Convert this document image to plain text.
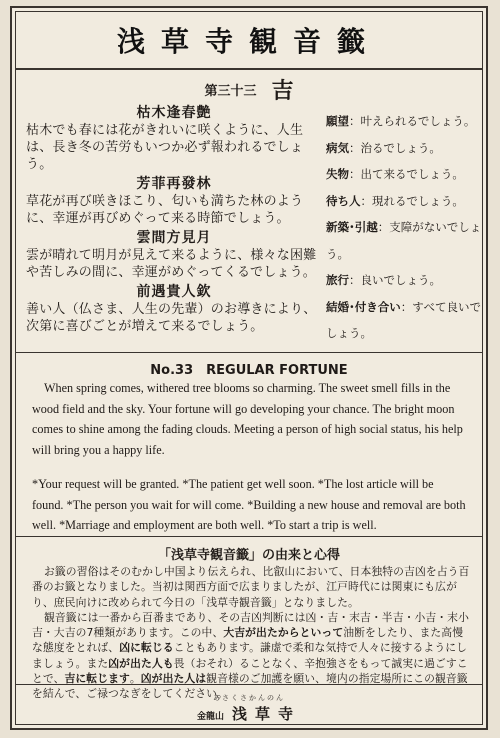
浅草寺観音籤
第三十三 吉
枯木逢春艶
枯木でも春には花がきれいに咲くように、人生は、長き冬の苦労もいつか必ず報われるでしょう。
芳菲再發林
草花が再び咲きほこり、匂いも満ちた林のように、幸運が再びめぐって来る時節でしょう。
雲間方見月
雲が晴れて明月が見えて来るように、様々な困難や苦しみの間に、幸運がめぐってくるでしょう。
前遇貴人欽
善い人（仏さま、人生の先輩）のお導きにより、次第に喜びごとが増えて来るでしょう。
願望：叶えられるでしょう。
病気：治るでしょう。
失物：出て来るでしょう。
待ち人：現れるでしょう。
新築･引越：支障がないでしょう。
旅行：良いでしょう。
結婚･付き合い：すべて良いでしょう。
No.33　REGULAR FORTUNE
When spring comes, withered tree blooms so charming. The sweet smell fills in the wood field and the sky. Your fortune will go developing your chance. The bright moon comes to shine among the fading clouds. Meeting a person of high social status, his help will bring you a happy life.
*Your request will be granted. *The patient get well soon. *The lost article will be found. *The person you wait for will come. *Building a new house and removal are both well. *Marriage and employment are both well. *To start a trip is well.
「浅草寺観音籤」の由来と心得
お籤の習俗はそのむかし中国より伝えられ、比叡山において、日本独特の吉凶を占う百番のお籤となりました。当初は関西方面で広まりましたが、江戸時代には関東にも広がり、庶民向けに改められて今日の「浅草寺観音籤」となりました。
観音籤には一番から百番まであり、その吉凶判断には凶・吉・末吉・半吉・小吉・末小吉・大吉の7種類があります。この中、大吉が出たからといって油断をしたり、また高慢な態度をとれば、凶に転じることもあります。謙虚で柔和な気持で人々に接するようにしましょう。また凶が出た人も畏（おそれ）ることなく、辛抱強さをもって誠実に過ごすことで、吉に転じます。凶が出た人は観音様のご加護を願い、境内の指定場所にこの観音籤を結んで、ご禄つなぎをしてください。
あさくさかんのん
金龍山 浅草寺
